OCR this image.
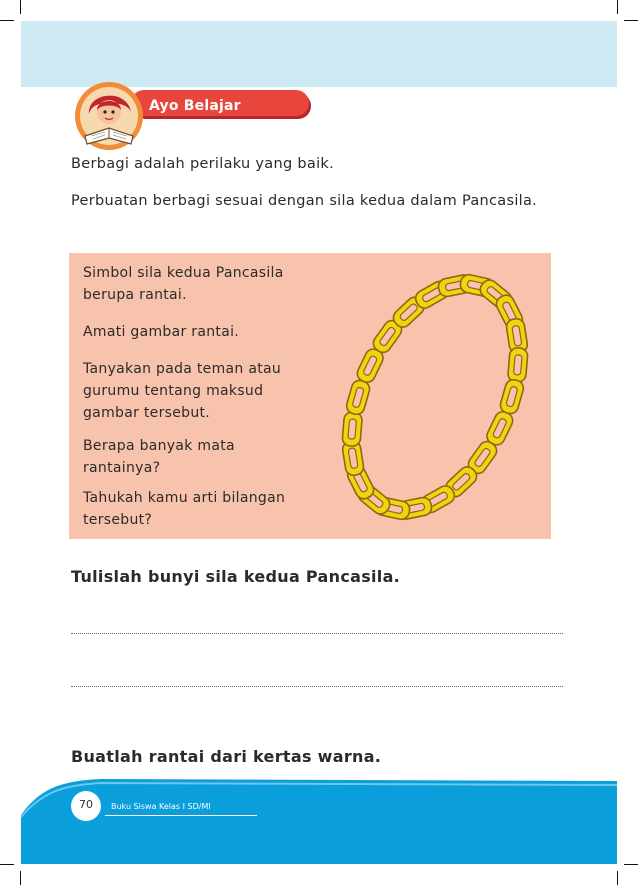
Ayo Belajar
Berbagi adalah perilaku yang baik.
Perbuatan berbagi sesuai dengan sila kedua dalam Pancasila.
Simbol sila kedua Pancasila berupa rantai.
Amati gambar rantai.
Tanyakan pada teman atau gurumu tentang maksud gambar tersebut.
Berapa banyak mata rantainya?
Tahukah kamu arti bilangan tersebut?
Tulislah bunyi sila kedua Pancasila.
Buatlah rantai dari kertas warna.
70	Buku Siswa Kelas I SD/MI
